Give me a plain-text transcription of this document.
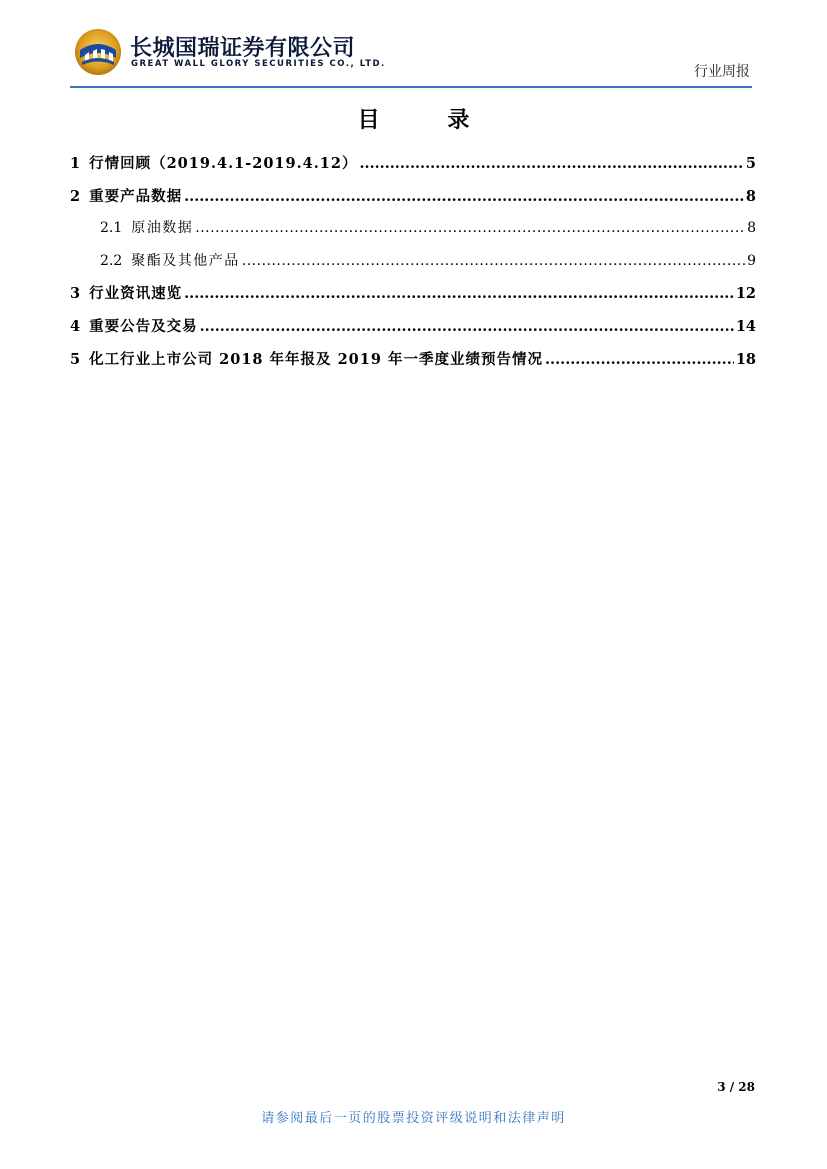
长城国瑞证券有限公司
GREAT WALL GLORY SECURITIES CO., LTD.	行业周报
目 录
1 行情回顾（2019.4.1-2019.4.12） .....	5
2 重要产品数据 .....	8
2.1 原油数据 .....	8
2.2 聚酯及其他产品 .....	9
3 行业资讯速览 .....	12
4 重要公告及交易 .....	14
5 化工行业上市公司 2018 年年报及 2019 年一季度业绩预告情况 .....	18
3 / 28
请参阅最后一页的股票投资评级说明和法律声明
